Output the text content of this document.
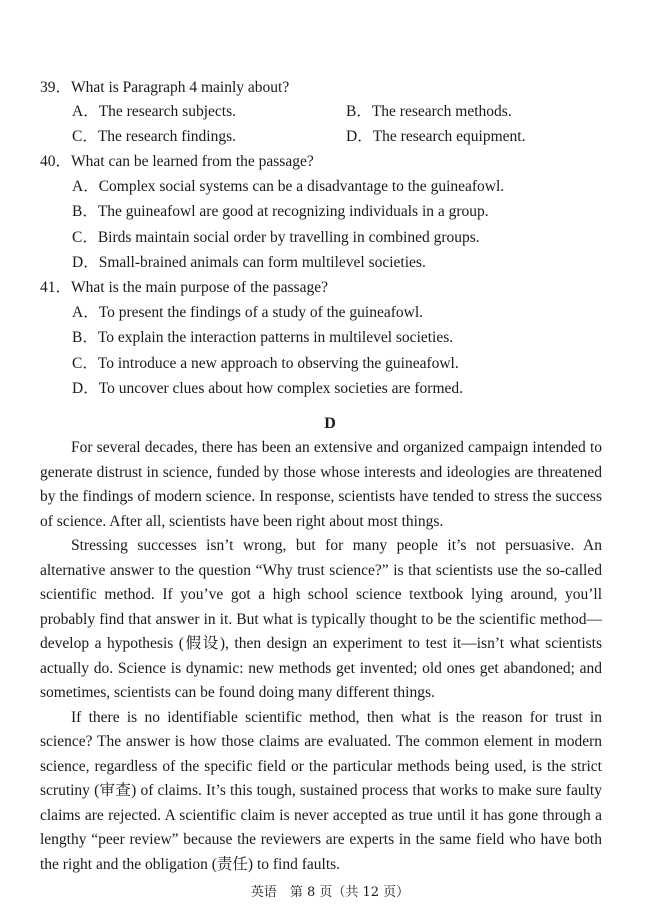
39．What is Paragraph 4 mainly about?
A．The research subjects.	B．The research methods.
C．The research findings.	D．The research equipment.
40．What can be learned from the passage?
A．Complex social systems can be a disadvantage to the guineafowl.
B．The guineafowl are good at recognizing individuals in a group.
C．Birds maintain social order by travelling in combined groups.
D．Small-brained animals can form multilevel societies.
41．What is the main purpose of the passage?
A．To present the findings of a study of the guineafowl.
B．To explain the interaction patterns in multilevel societies.
C．To introduce a new approach to observing the guineafowl.
D．To uncover clues about how complex societies are formed.
D

For several decades, there has been an extensive and organized campaign intended to generate distrust in science, funded by those whose interests and ideologies are threatened by the findings of modern science. In response, scientists have tended to stress the success of science. After all, scientists have been right about most things.

Stressing successes isn’t wrong, but for many people it’s not persuasive. An alternative answer to the question “Why trust science?” is that scientists use the so-called scientific method. If you’ve got a high school science textbook lying around, you’ll probably find that answer in it. But what is typically thought to be the scientific method—develop a hypothesis (假设), then design an experiment to test it—isn’t what scientists actually do. Science is dynamic: new methods get invented; old ones get abandoned; and sometimes, scientists can be found doing many different things.

If there is no identifiable scientific method, then what is the reason for trust in science? The answer is how those claims are evaluated. The common element in modern science, regardless of the specific field or the particular methods being used, is the strict scrutiny (审查) of claims. It’s this tough, sustained process that works to make sure faulty claims are rejected. A scientific claim is never accepted as true until it has gone through a lengthy “peer review” because the reviewers are experts in the same field who have both the right and the obligation (责任) to find faults.

英语　第 8 页（共 12 页）
